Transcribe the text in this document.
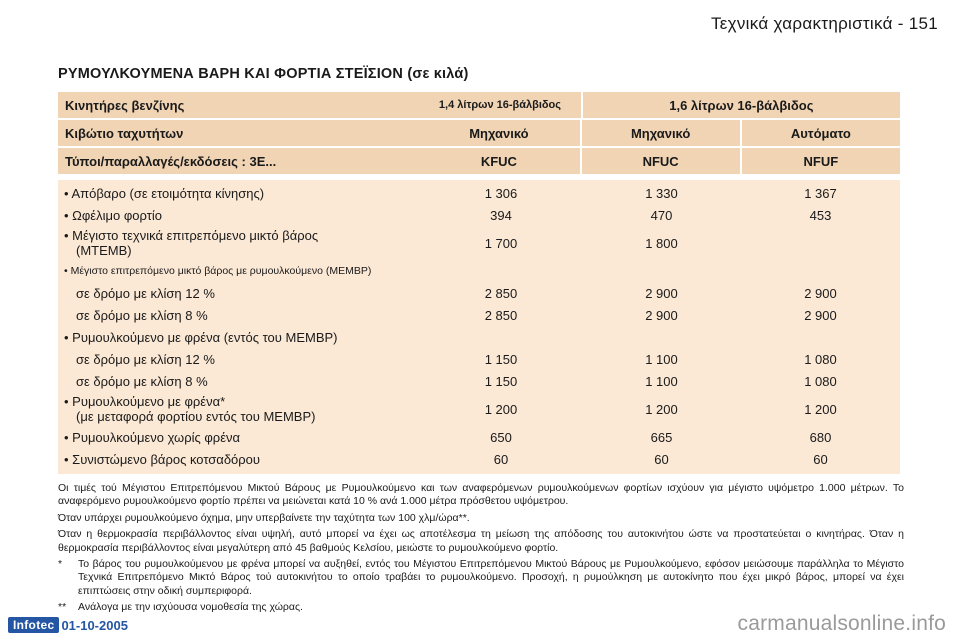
Τεχνικά χαρακτηριστικά - 151
ΡΥΜΟΥΛΚΟΥΜΕΝΑ ΒΑΡΗ ΚΑΙ ΦΟΡΤΙΑ ΣΤΕΪΣΙΟΝ (σε κιλά)
Κινητήρες βενζίνης	1,4 λίτρων 16-βάλβιδος	1,6 λίτρων 16-βάλβιδος
Κιβώτιο ταχυτήτων	Μηχανικό	Μηχανικό	Αυτόματο
Τύποι/παραλλαγές/εκδόσεις : 3E...	KFUC	NFUC	NFUF
• Απόβαρο (σε ετοιμότητα κίνησης)	1 306	1 330	1 367
• Ωφέλιμο φορτίο	394	470	453
• Μέγιστο τεχνικά επιτρεπόμενο μικτό βάρος
(MTEMB)	1 700	1 800
• Μέγιστο επιτρεπόμενο μικτό βάρος με ρυμουλκούμενο (MEMBP)
σε δρόμο με κλίση 12 %	2 850	2 900	2 900
σε δρόμο με κλίση 8 %	2 850	2 900	2 900
• Ρυμουλκούμενο με φρένα (εντός του MEMBP)
σε δρόμο με κλίση 12 %	1 150	1 100	1 080
σε δρόμο με κλίση 8 %	1 150	1 100	1 080
• Ρυμουλκούμενο με φρένα*
(με μεταφορά φορτίου εντός του MEMBP)	1 200	1 200	1 200
• Ρυμουλκούμενο χωρίς φρένα	650	665	680
• Συνιστώμενο βάρος κοτσαδόρου	60	60	60

Οι τιμές τού Μέγιστου Επιτρεπόμενου Μικτού Βάρους με Ρυμουλκούμενο και των αναφερόμενων ρυμουλκούμενων φορτίων ισχύουν για μέγιστο υψόμετρο 1.000 μέτρων. Το αναφερόμενο ρυμουλκούμενο φορτίο πρέπει να μειώνεται κατά 10 % ανά 1.000 μέτρα πρόσθετου υψόμετρου.

Όταν υπάρχει ρυμουλκούμενο όχημα, μην υπερβαίνετε την ταχύτητα των 100 χλμ/ώρα**.

Όταν η θερμοκρασία περιβάλλοντος είναι υψηλή, αυτό μπορεί να έχει ως αποτέλεσμα τη μείωση της απόδοσης του αυτοκινήτου ώστε να προστατεύεται ο κινητήρας. Όταν η θερμοκρασία περιβάλλοντος είναι μεγαλύτερη από 45 βαθμούς Κελσίου, μειώστε το ρυμουλκούμενο φορτίο.

*	Το βάρος του ρυμουλκούμενου με φρένα μπορεί να αυξηθεί, εντός του Μέγιστου Επιτρεπόμενου Μικτού Βάρους με Ρυμουλκούμενο, εφόσον μειώσουμε παράλληλα το Μέγιστο Τεχνικά Επιτρεπόμενο Μικτό Βάρος τού αυτοκινήτου το οποίο τραβάει το ρυμουλκούμενο. Προσοχή, η ρυμούλκηση με αυτοκίνητο που έχει μικρό βάρος, μπορεί να έχει επιπτώσεις στην οδική συμπεριφορά.
**	Ανάλογα με την ισχύουσα νομοθεσία της χώρας.
Infotec 01-10-2005	carmanualsonline.info
